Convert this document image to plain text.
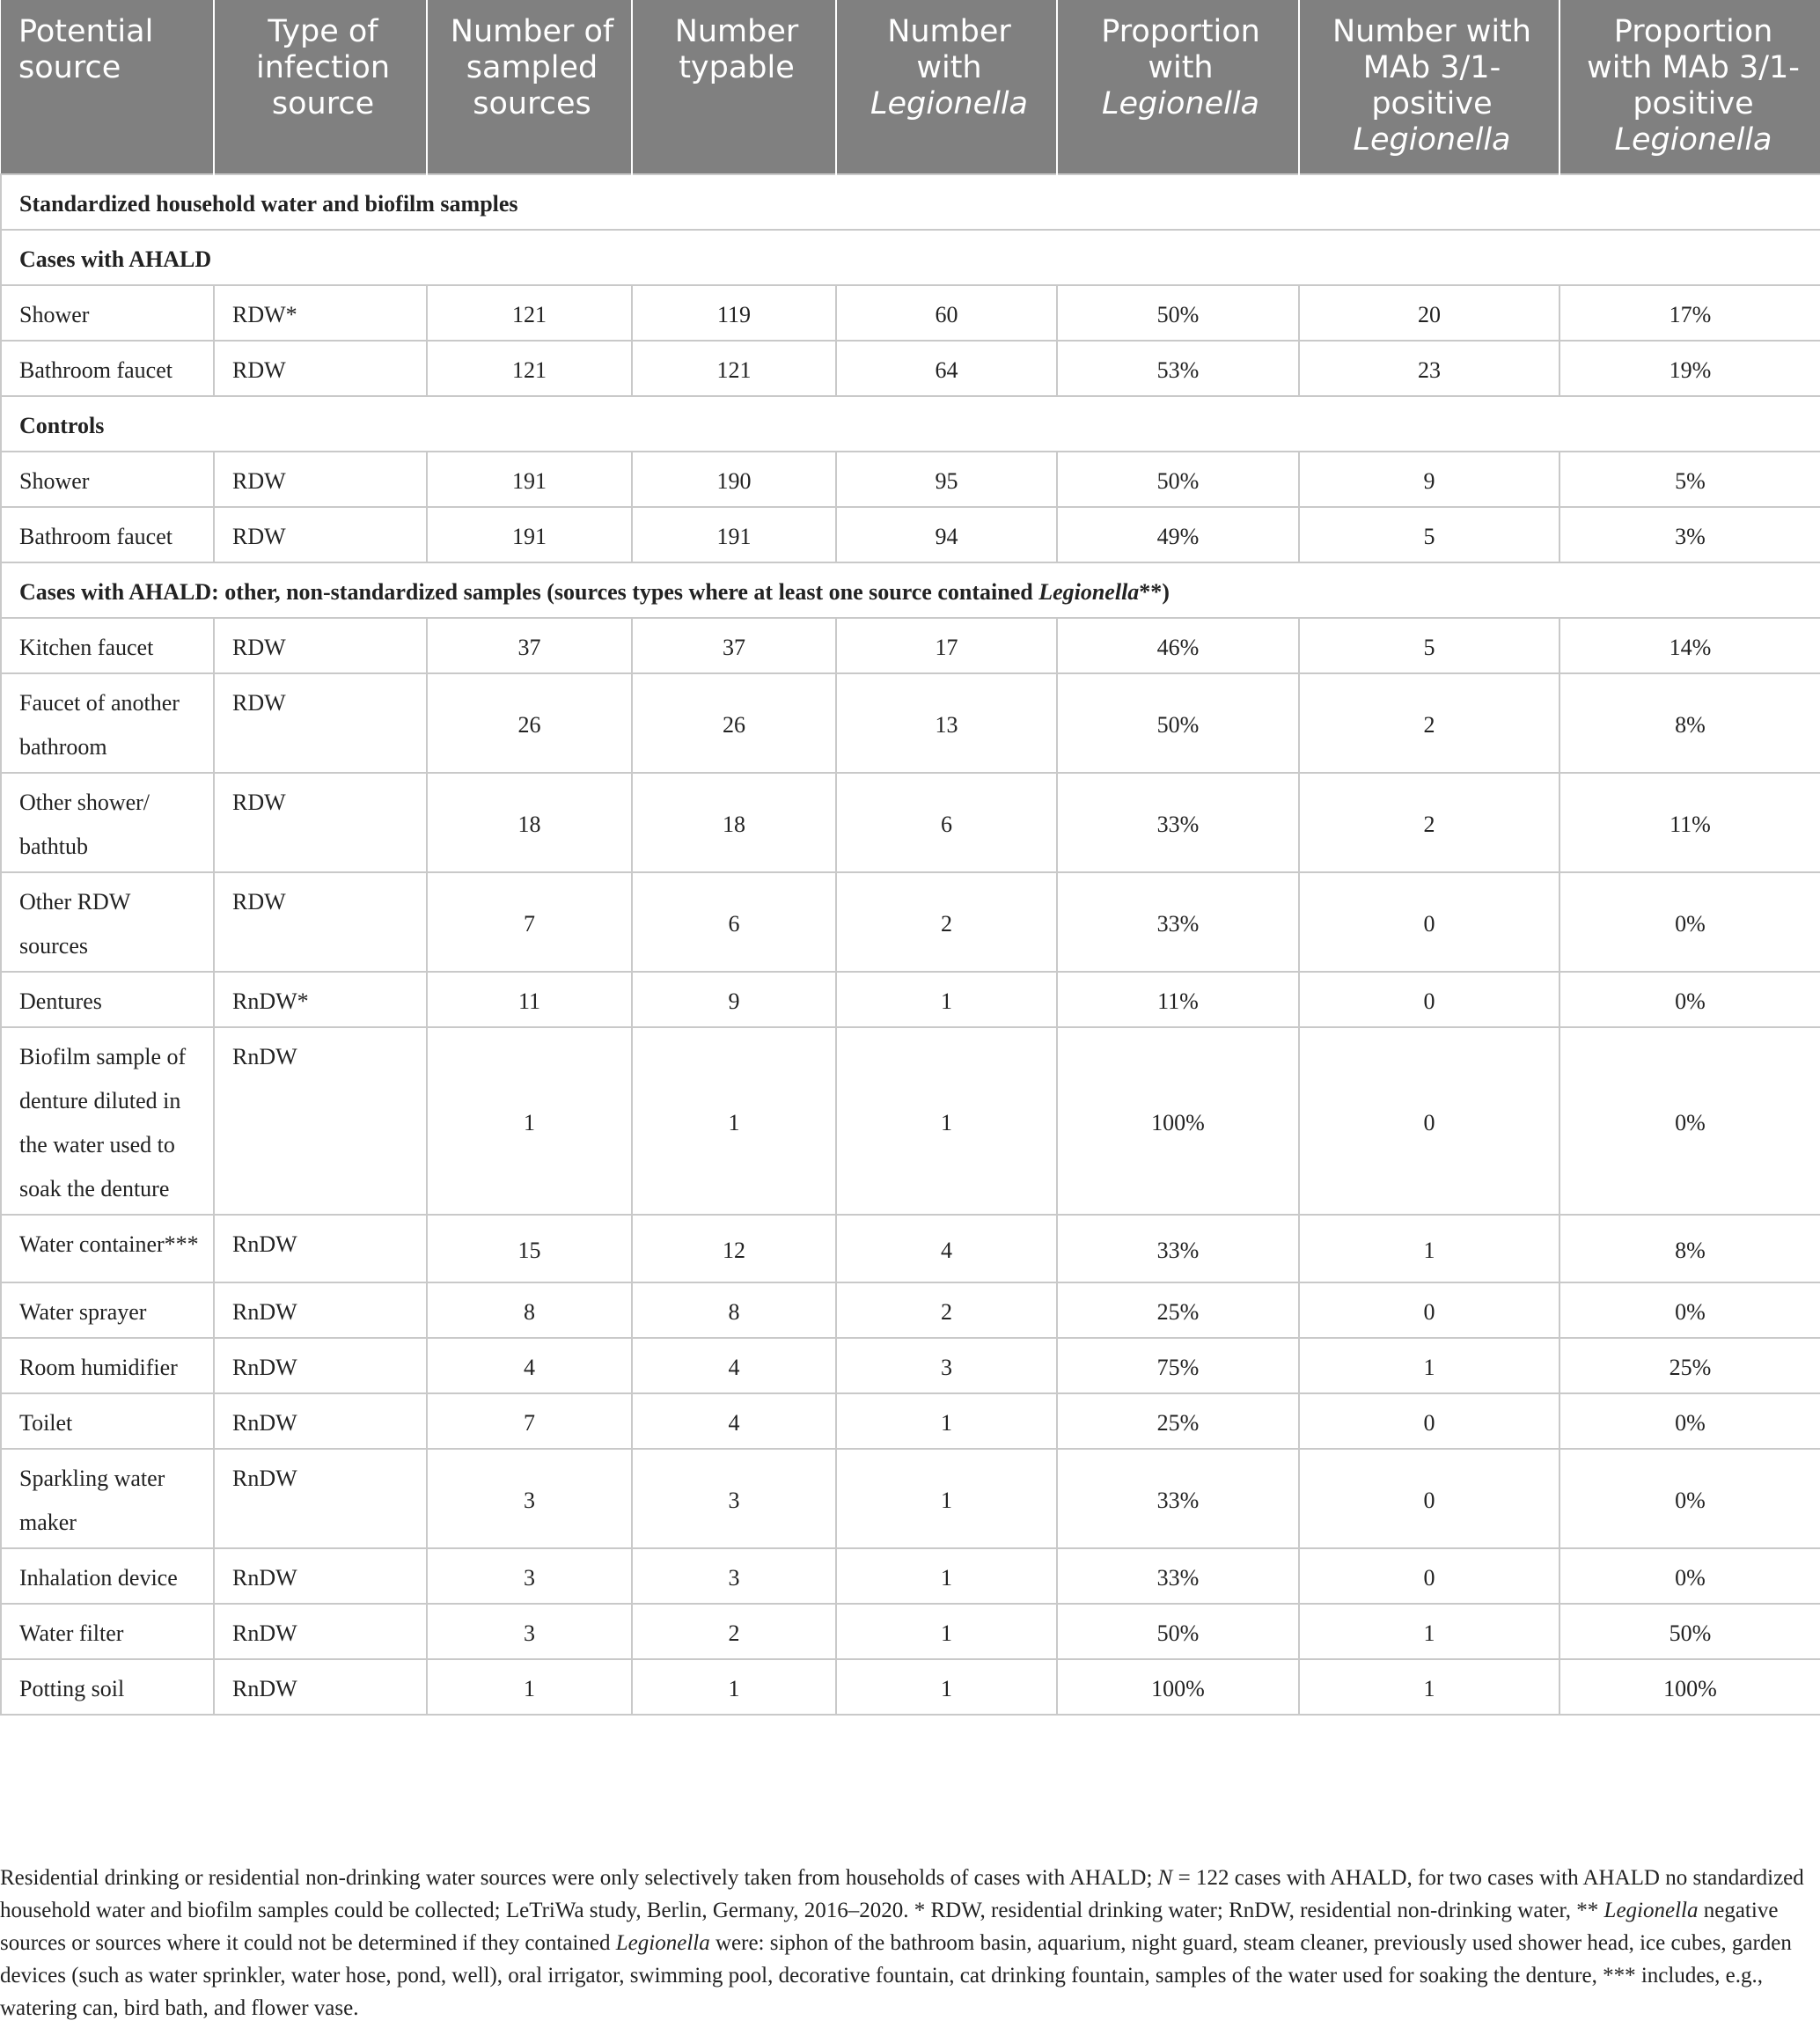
Potential source	Type of infection source	Number of sampled sources	Number typable	Number with Legionella	Proportion with Legionella	Number with MAb 3/1-positive Legionella	Proportion with MAb 3/1-positive Legionella
Standardized household water and biofilm samples							
Cases with AHALD							
Shower	RDW*	121	119	60	50%	20	17%
Bathroom faucet	RDW	121	121	64	53%	23	19%
Controls							
Shower	RDW	191	190	95	50%	9	5%
Bathroom faucet	RDW	191	191	94	49%	5	3%
Cases with AHALD: other, non-standardized samples (sources types where at least one source contained Legionella**)							
Kitchen faucet	RDW	37	37	17	46%	5	14%
Faucet of another bathroom	RDW	26	26	13	50%	2	8%
Other shower/ bathtub	RDW	18	18	6	33%	2	11%
Other RDW sources	RDW	7	6	2	33%	0	0%
Dentures	RnDW*	11	9	1	11%	0	0%
Biofilm sample of denture diluted in the water used to soak the denture	RnDW	1	1	1	100%	0	0%
Water container***	RnDW	15	12	4	33%	1	8%
Water sprayer	RnDW	8	8	2	25%	0	0%
Room humidifier	RnDW	4	4	3	75%	1	25%
Toilet	RnDW	7	4	1	25%	0	0%
Sparkling water maker	RnDW	3	3	1	33%	0	0%
Inhalation device	RnDW	3	3	1	33%	0	0%
Water filter	RnDW	3	2	1	50%	1	50%
Potting soil	RnDW	1	1	1	100%	1	100%
Residential drinking or residential non-drinking water sources were only selectively taken from households of cases with AHALD; N = 122 cases with AHALD, for two cases with AHALD no standardized household water and biofilm samples could be collected; LeTriWa study, Berlin, Germany, 2016–2020. * RDW, residential drinking water; RnDW, residential non-drinking water, ** Legionella negative sources or sources where it could not be determined if they contained Legionella were: siphon of the bathroom basin, aquarium, night guard, steam cleaner, previously used shower head, ice cubes, garden devices (such as water sprinkler, water hose, pond, well), oral irrigator, swimming pool, decorative fountain, cat drinking fountain, samples of the water used for soaking the denture, *** includes, e.g., watering can, bird bath, and flower vase.
